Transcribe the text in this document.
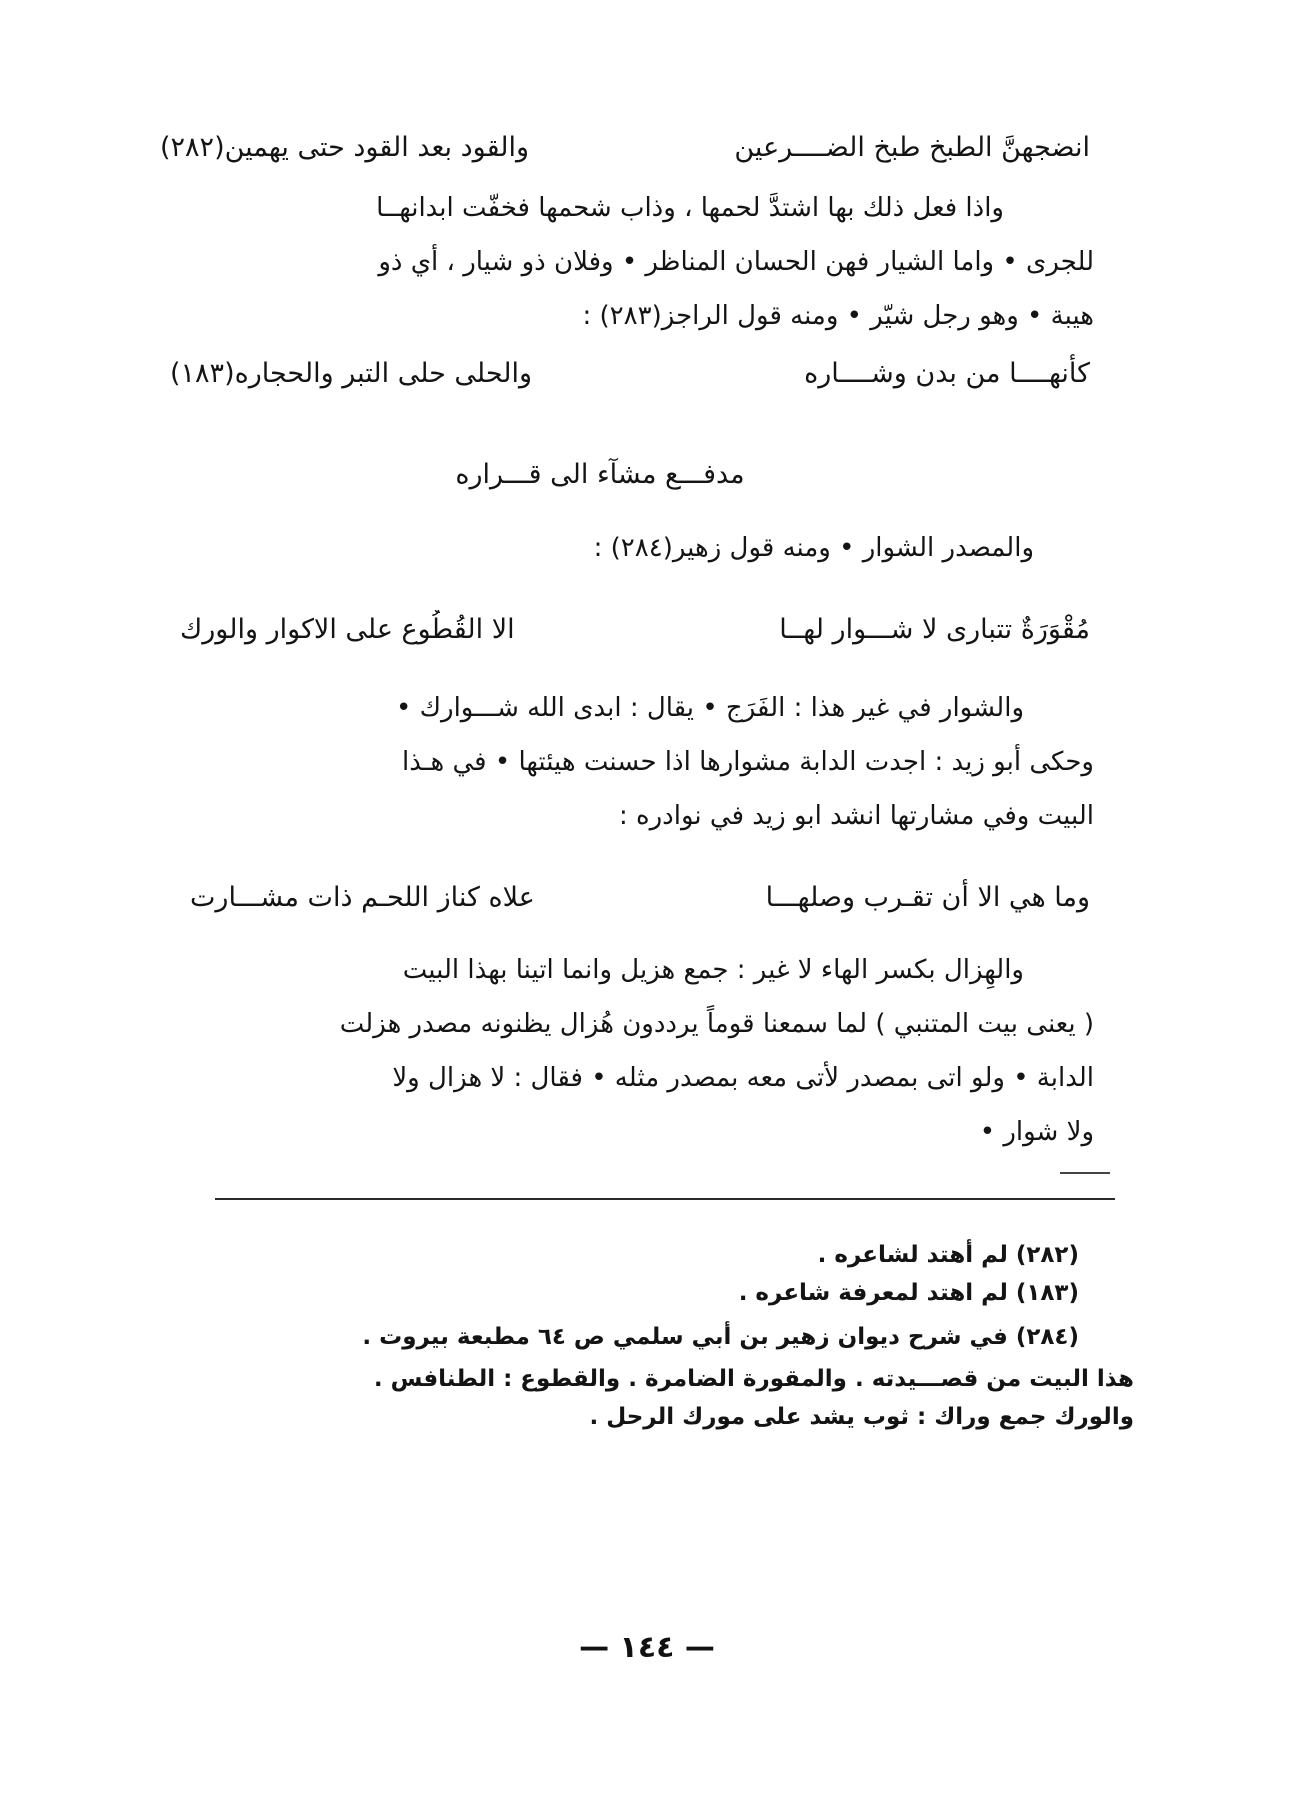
انضجهنَّ الطبخ طبخ الضــــرعين
والقود بعد القود حتى يهمين(٢٨٢)
واذا فعل ذلك بها اشتدَّ لحمها ، وذاب شحمها فخفّت ابدانهــا
للجرى • واما الشيار فهن الحسان المناظر • وفلان ذو شيار ، أي ذو
هيبة • وهو رجل شيّر • ومنه قول الراجز(٢٨٣) :
كأنهــــا من بدن وشــــاره
والحلى حلى التبر والحجاره(١٨٣)
مدفـــع مشآء الى قـــراره
والمصدر الشوار • ومنه قول زهير(٢٨٤) :
مُقْوَرَةٌ تتبارى لا شـــوار لهــا
الا القُطُوع على الاكوار والورك
والشوار في غير هذا : الفَرَج • يقال : ابدى الله شـــوارك •
وحكى أبو زيد : اجدت الدابة مشوارها اذا حسنت هيئتها • في هـذا
البيت وفي مشارتها انشد ابو زيد في نوادره :
وما هي الا أن تقـرب وصلهـــا
علاه كناز اللحـم ذات مشـــارت
والهِزال بكسر الهاء لا غير : جمع هزيل وانما اتينا بهذا البيت
( يعنى بيت المتنبي ) لما سمعنا قوماً يرددون هُزال يظنونه مصدر هزلت
الدابة • ولو اتى بمصدر لأتى معه بمصدر مثله • فقال : لا هزال ولا
ولا شوار •
(٢٨٢) لم أهتد لشاعره .
(١٨٣) لم اهتد لمعرفة شاعره .
(٢٨٤) في شرح ديوان زهير بن أبي سلمي ص ٦٤ مطبعة بيروت .
هذا البيت من قصـــيدته . والمقورة الضامرة . والقطوع : الطنافس .
والورك جمع وراك : ثوب يشد على مورك الرحل .
— ١٤٤ —
